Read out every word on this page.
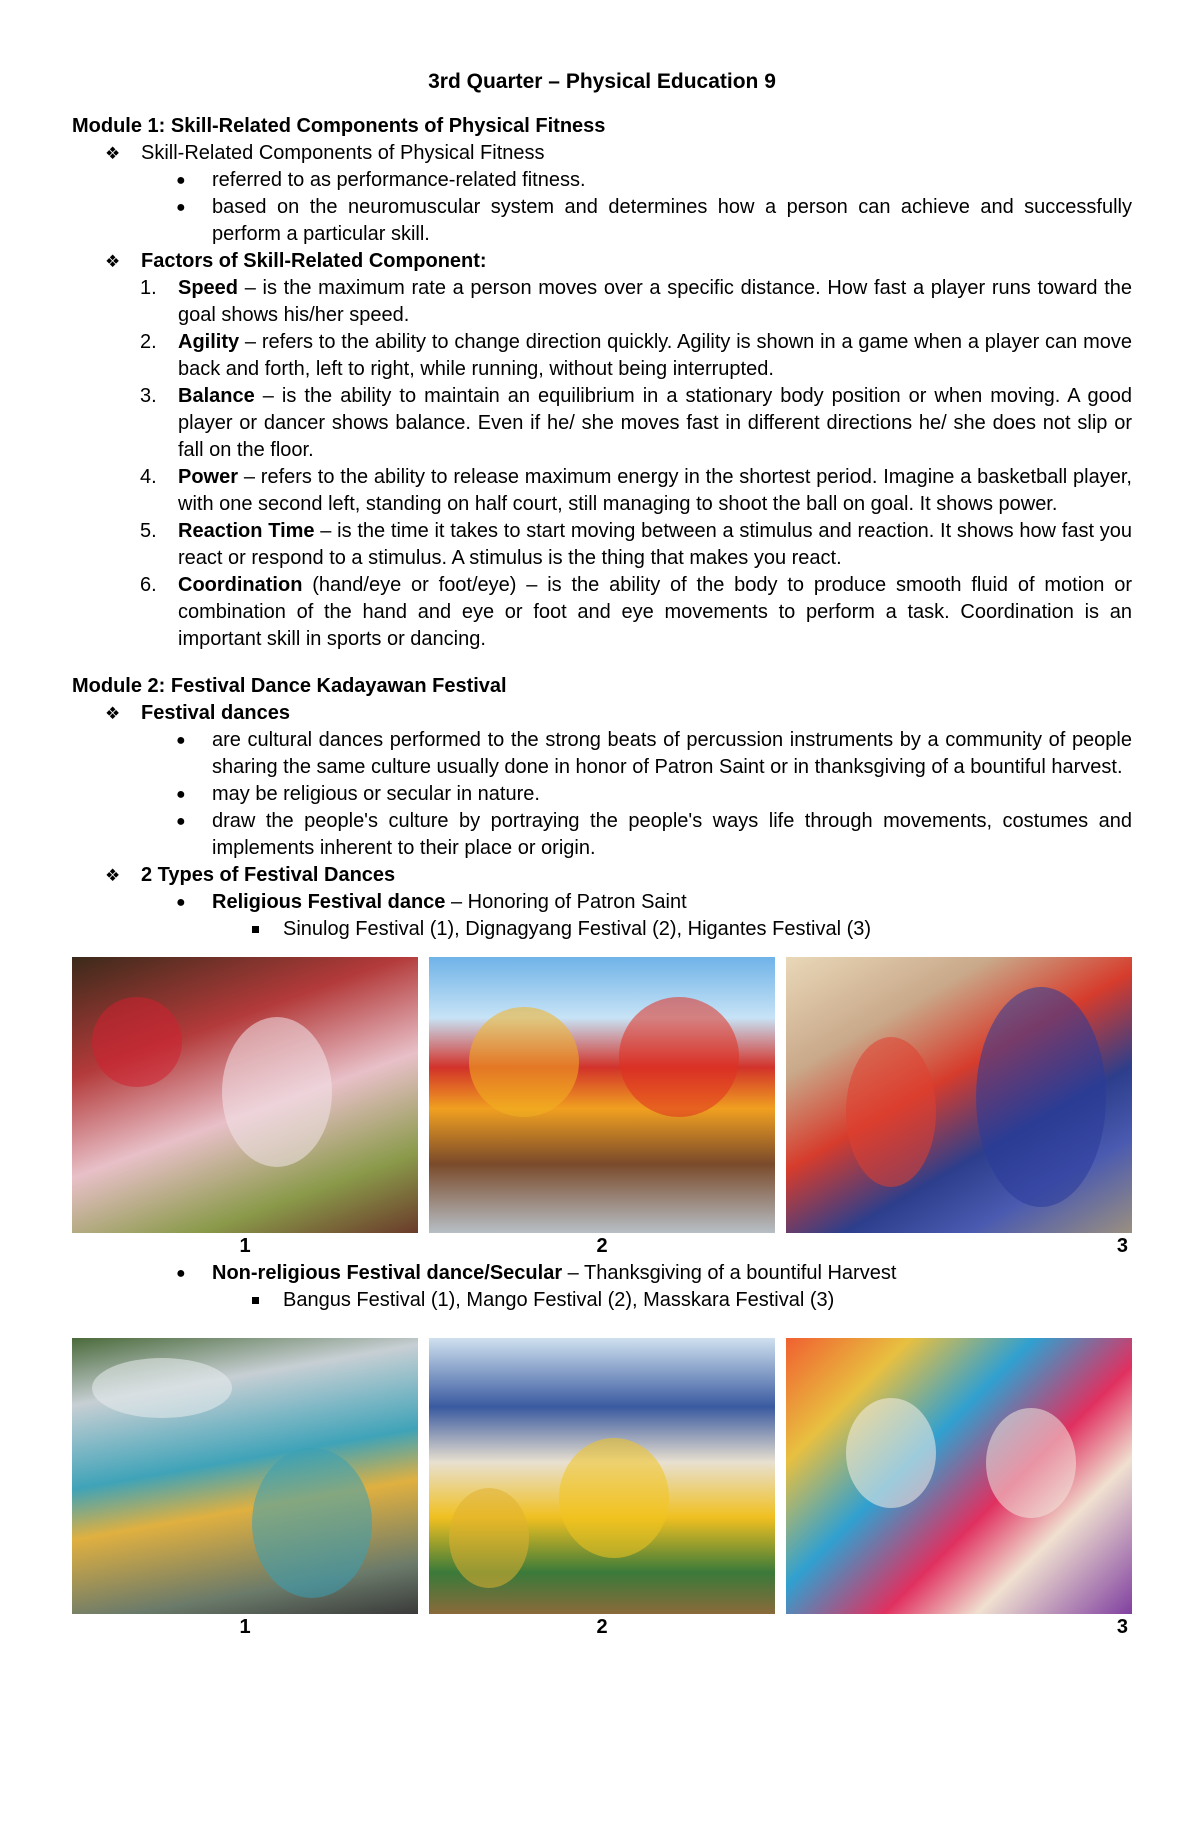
3rd Quarter – Physical Education 9
Module 1: Skill-Related Components of Physical Fitness
❖ Skill-Related Components of Physical Fitness
● referred to as performance-related fitness.
● based on the neuromuscular system and determines how a person can achieve and successfully perform a particular skill.
❖ Factors of Skill-Related Component:
1. Speed – is the maximum rate a person moves over a specific distance. How fast a player runs toward the goal shows his/her speed.
2. Agility – refers to the ability to change direction quickly. Agility is shown in a game when a player can move back and forth, left to right, while running, without being interrupted.
3. Balance – is the ability to maintain an equilibrium in a stationary body position or when moving. A good player or dancer shows balance. Even if he/ she moves fast in different directions he/ she does not slip or fall on the floor.
4. Power – refers to the ability to release maximum energy in the shortest period. Imagine a basketball player, with one second left, standing on half court, still managing to shoot the ball on goal. It shows power.
5. Reaction Time – is the time it takes to start moving between a stimulus and reaction. It shows how fast you react or respond to a stimulus. A stimulus is the thing that makes you react.
6. Coordination (hand/eye or foot/eye) – is the ability of the body to produce smooth fluid of motion or combination of the hand and eye or foot and eye movements to perform a task. Coordination is an important skill in sports or dancing.
Module 2: Festival Dance Kadayawan Festival
❖ Festival dances
● are cultural dances performed to the strong beats of percussion instruments by a community of people sharing the same culture usually done in honor of Patron Saint or in thanksgiving of a bountiful harvest.
● may be religious or secular in nature.
● draw the people's culture by portraying the people's ways life through movements, costumes and implements inherent to their place or origin.
❖ 2 Types of Festival Dances
● Religious Festival dance – Honoring of Patron Saint
Sinulog Festival (1), Dignagyang Festival (2), Higantes Festival (3)
1	2	3
● Non-religious Festival dance/Secular – Thanksgiving of a bountiful Harvest
Bangus Festival (1), Mango Festival (2), Masskara Festival (3)
1	2	3
